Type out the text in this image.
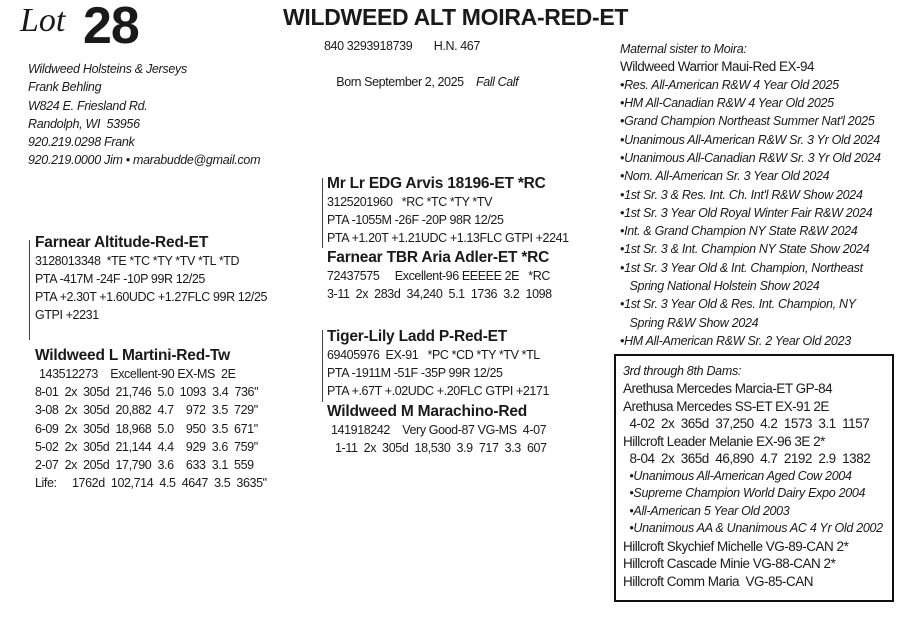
Lot 28	WILDWEED ALT MOIRA-RED-ET
Wildweed Holsteins & Jerseys
Frank Behling
W824 E. Friesland Rd.
Randolph, WI  53956
920.219.0298 Frank
920.219.0000 Jim • marabudde@gmail.com
840 3293918739       H.N. 467

Born September 2, 2025 Fall Calf

Farnear Altitude-Red-ET
3128013348  *TE *TC *TY *TV *TL *TD
PTA -417M -24F -10P 99R 12/25
PTA +2.30T +1.60UDC +1.27FLC 99R 12/25
GTPI +2231
Wildweed L Martini-Red-Tw
143512273    Excellent-90 EX-MS  2E
8-01  2x  305d  21,746  5.0  1093  3.4  736"
3-08  2x  305d  20,882  4.7    972  3.5  729"
6-09  2x  305d  18,968  5.0    950  3.5  671"
5-02  2x  305d  21,144  4.4    929  3.6  759"
2-07  2x  205d  17,790  3.6    633  3.1  559
Life:     1762d  102,714  4.5  4647  3.5  3635"
Mr Lr EDG Arvis 18196-ET *RC
3125201960   *RC *TC *TY *TV
PTA -1055M -26F -20P 98R 12/25
PTA +1.20T +1.21UDC +1.13FLC GTPI +2241
Farnear TBR Aria Adler-ET *RC
72437575     Excellent-96 EEEEE 2E   *RC
3-11  2x  283d  34,240  5.1  1736  3.2  1098
Tiger-Lily Ladd P-Red-ET
69405976  EX-91   *PC *CD *TY *TV *TL
PTA -1911M -51F -35P 99R 12/25
PTA +.67T +.02UDC +.20FLC GTPI +2171
Wildweed M Marachino-Red
141918242    Very Good-87 VG-MS  4-07
1-11  2x  305d  18,530  3.9  717  3.3  607
Maternal sister to Moira:
Wildweed Warrior Maui-Red EX-94
•Res. All-American R&W 4 Year Old 2025
•HM All-Canadian R&W 4 Year Old 2025
•Grand Champion Northeast Summer Nat'l 2025
•Unanimous All-American R&W Sr. 3 Yr Old 2024
•Unanimous All-Canadian R&W Sr. 3 Yr Old 2024
•Nom. All-American Sr. 3 Year Old 2024
•1st Sr. 3 & Res. Int. Ch. Int'l R&W Show 2024
•1st Sr. 3 Year Old Royal Winter Fair R&W 2024
•Int. & Grand Champion NY State R&W 2024
•1st Sr. 3 & Int. Champion NY State Show 2024
•1st Sr. 3 Year Old & Int. Champion, Northeast
Spring National Holstein Show 2024
•1st Sr. 3 Year Old & Res. Int. Champion, NY
Spring R&W Show 2024
•HM All-American R&W Sr. 2 Year Old 2023
3rd through 8th Dams:
Arethusa Mercedes Marcia-ET GP-84
Arethusa Mercedes SS-ET EX-91 2E
4-02  2x  365d  37,250  4.2  1573  3.1  1157
Hillcroft Leader Melanie EX-96 3E 2*
8-04  2x  365d  46,890  4.7  2192  2.9  1382
•Unanimous All-American Aged Cow 2004
•Supreme Champion World Dairy Expo 2004
•All-American 5 Year Old 2003
•Unanimous AA & Unanimous AC 4 Yr Old 2002
Hillcroft Skychief Michelle VG-89-CAN 2*
Hillcroft Cascade Minie VG-88-CAN 2*
Hillcroft Comm Maria  VG-85-CAN
